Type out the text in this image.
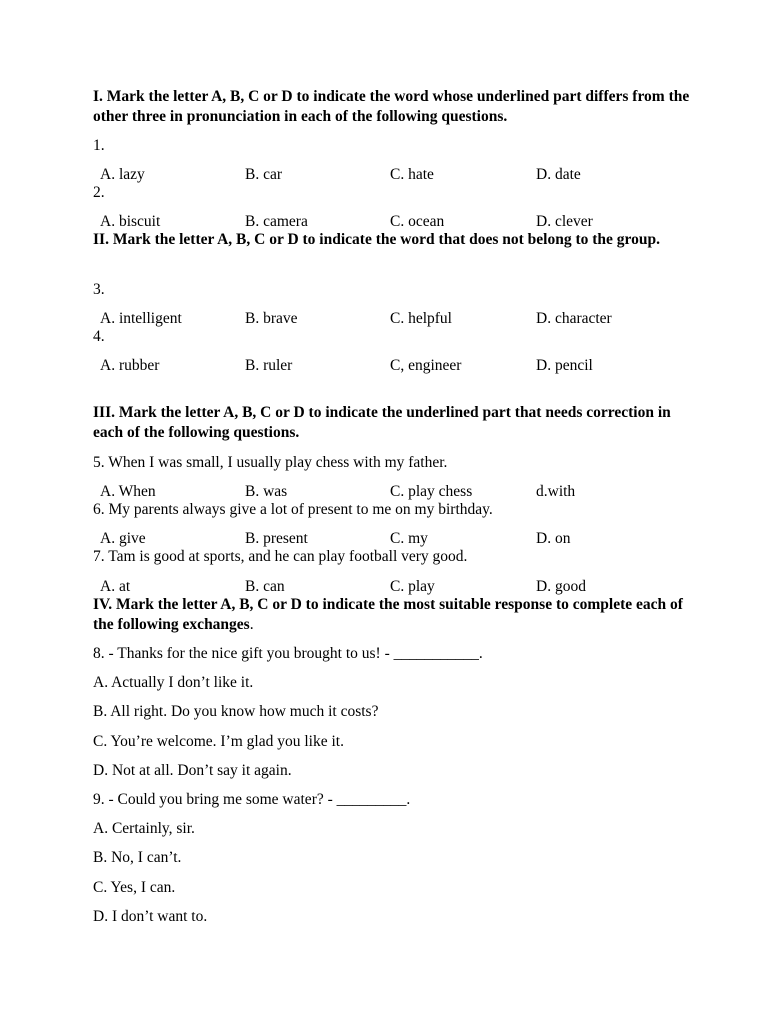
I. Mark the letter A, B, C or D to indicate the word whose underlined part differs from the other three in pronunciation in each of the following questions.
1.
A. lazy	B. car	C. hate	D. date
2.
A. biscuit	B. camera	C. ocean	D. clever
II. Mark the letter A, B, C or D to indicate the word that does not belong to the group.
3.
A. intelligent	B. brave	C. helpful	D. character
4.
A. rubber	B. ruler	C, engineer	D. pencil
III. Mark the letter A, B, C or D to indicate the underlined part that needs correction in each of the following questions.
5. When I was small, I usually play chess with my father.
A. When	B. was	C. play chess	d.with
6. My parents always give a lot of present to me on my birthday.
A. give	B. present	C. my	D. on
7. Tam is good at sports, and he can play football very good.
A. at	B. can	C. play	D. good
IV. Mark the letter A, B, C or D to indicate the most suitable response to complete each of the following exchanges.
8. - Thanks for the nice gift you brought to us! - ___________.
A. Actually I don’t like it.
B. All right. Do you know how much it costs?
C. You’re welcome. I’m glad you like it.
D. Not at all. Don’t say it again.
9. - Could you bring me some water? - _________.
A. Certainly, sir.
B. No, I can’t.
C. Yes, I can.
D. I don’t want to.
